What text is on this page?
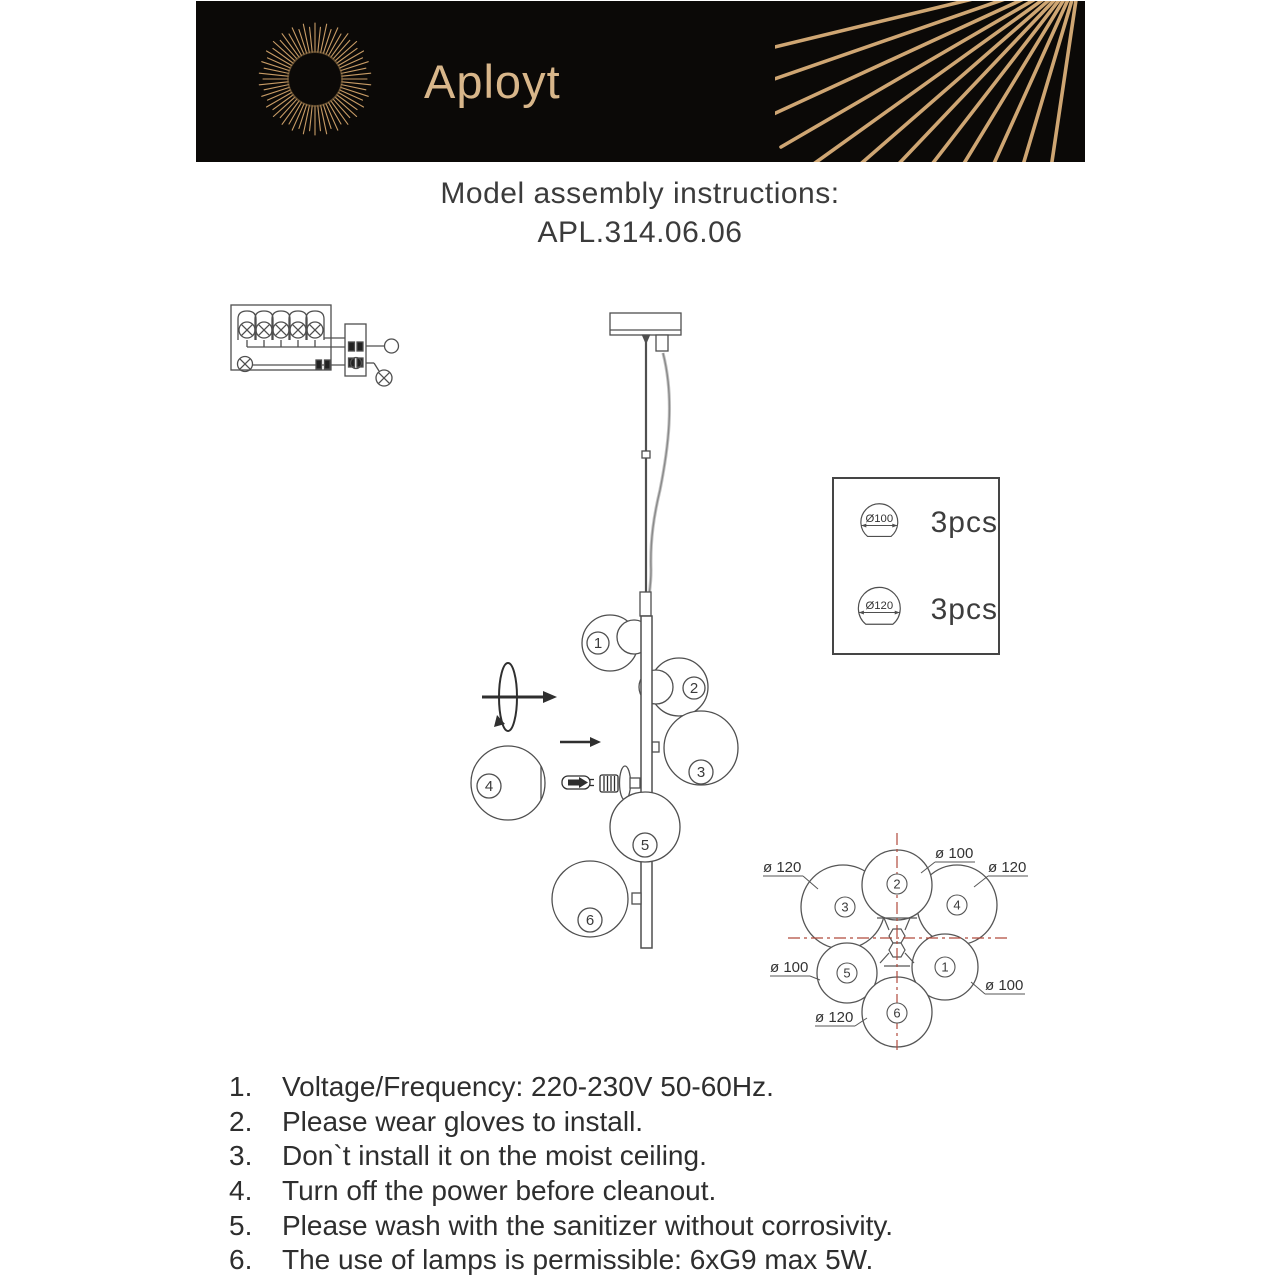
Aployt
Model assembly instructions:
APL.314.06.06
1
2
3
4
5
6
Ø100 3pcs
Ø120 3pcs
1
2
3	4
5
6
ø 120
ø 100
ø 120
ø 100
ø 100
ø 120
1.	Voltage/Frequency: 220-230V 50-60Hz.
2.	Please wear gloves to install.
3.	Don`t install it on the moist ceiling.
4.	Turn off the power before cleanout.
5.	Please wash with the sanitizer without corrosivity.
6.	The use of lamps is permissible: 6xG9 max 5W.
